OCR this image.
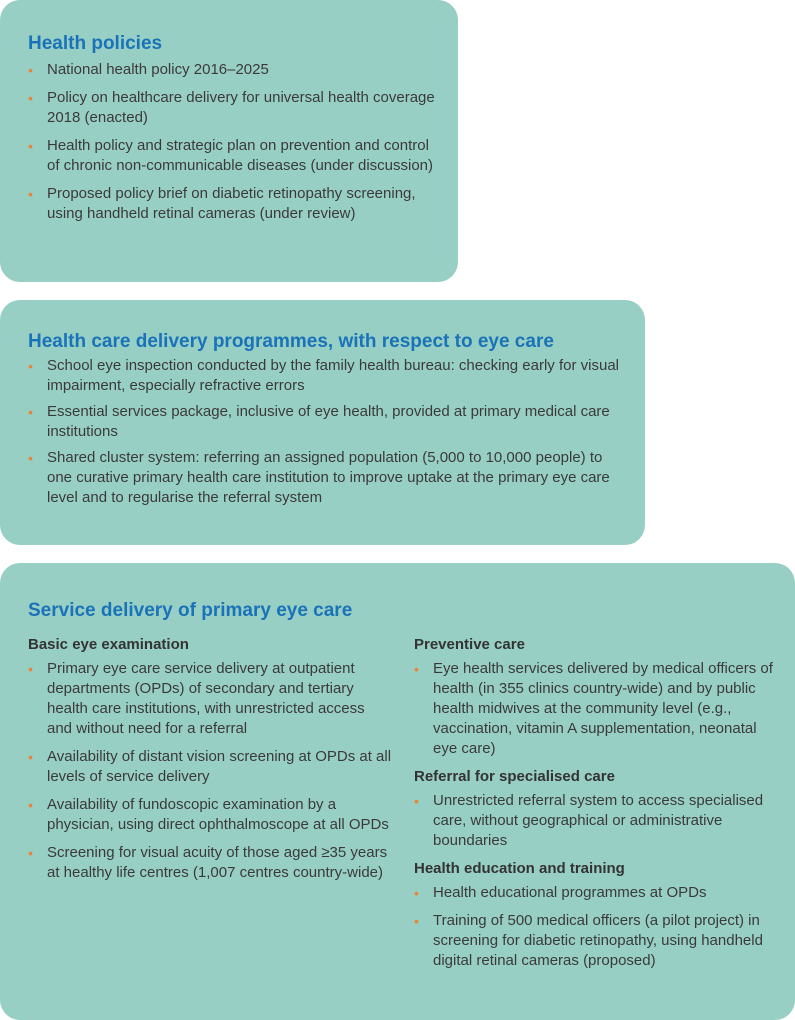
Health policies
• National health policy 2016–2025
• Policy on healthcare delivery for universal health coverage 2018 (enacted)
• Health policy and strategic plan on prevention and control of chronic non-communicable diseases (under discussion)
• Proposed policy brief on diabetic retinopathy screening, using handheld retinal cameras (under review)
Health care delivery programmes, with respect to eye care
• School eye inspection conducted by the family health bureau: checking early for visual impairment, especially refractive errors
• Essential services package, inclusive of eye health, provided at primary medical care institutions
• Shared cluster system: referring an assigned population (5,000 to 10,000 people) to one curative primary health care institution to improve uptake at the primary eye care level and to regularise the referral system
Service delivery of primary eye care
Basic eye examination
• Primary eye care service delivery at outpatient departments (OPDs) of secondary and tertiary health care institutions, with unrestricted access and without need for a referral
• Availability of distant vision screening at OPDs at all levels of service delivery
• Availability of fundoscopic examination by a physician, using direct ophthalmoscope at all OPDs
• Screening for visual acuity of those aged ≥35 years at healthy life centres (1,007 centres country-wide)
Preventive care
• Eye health services delivered by medical officers of health (in 355 clinics country-wide) and by public health midwives at the community level (e.g., vaccination, vitamin A supplementation, neonatal eye care)
Referral for specialised care
• Unrestricted referral system to access specialised care, without geographical or administrative boundaries
Health education and training
• Health educational programmes at OPDs
• Training of 500 medical officers (a pilot project) in screening for diabetic retinopathy, using handheld digital retinal cameras (proposed)
